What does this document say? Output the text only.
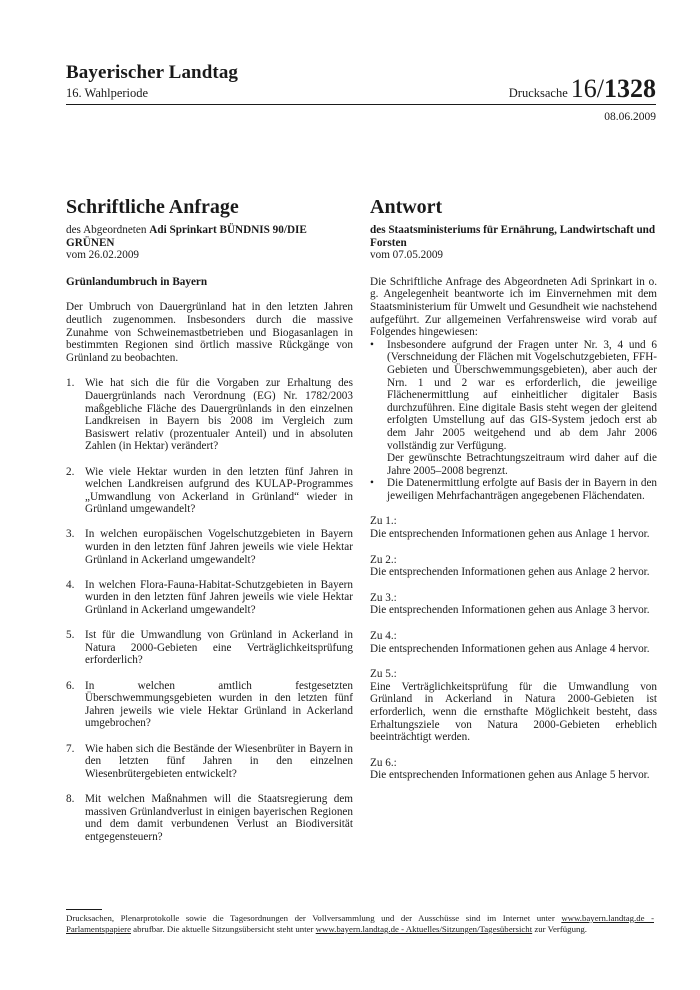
Bayerischer Landtag
16. Wahlperiode	Drucksache 16/1328
08.06.2009
Schriftliche Anfrage

des Abgeordneten Adi Sprinkart BÜNDNIS 90/DIE GRÜNEN

vom 26.02.2009

Grünlandumbruch in Bayern

Der Umbruch von Dauergrünland hat in den letzten Jahren deutlich zugenommen. Insbesonders durch die massive Zunahme von Schweinemastbetrieben und Biogasanlagen in bestimmten Regionen sind örtlich massive Rückgänge von Grünland zu beobachten.

1. Wie hat sich die für die Vorgaben zur Erhaltung des Dauergrünlands nach Verordnung (EG) Nr. 1782/2003 maßgebliche Fläche des Dauergrünlands in den einzelnen Landkreisen in Bayern bis 2008 im Vergleich zum Basiswert relativ (prozentualer Anteil) und in absoluten Zahlen (in Hektar) verändert?
2. Wie viele Hektar wurden in den letzten fünf Jahren in welchen Landkreisen aufgrund des KULAP-Programmes „Umwandlung von Ackerland in Grünland“ wieder in Grünland umgewandelt?
3. In welchen europäischen Vogelschutzgebieten in Bayern wurden in den letzten fünf Jahren jeweils wie viele Hektar Grünland in Ackerland umgewandelt?
4. In welchen Flora-Fauna-Habitat-Schutzgebieten in Bayern wurden in den letzten fünf Jahren jeweils wie viele Hektar Grünland in Ackerland umgewandelt?
5. Ist für die Umwandlung von Grünland in Ackerland in Natura 2000-Gebieten eine Verträglichkeitsprüfung erforderlich?
6. In welchen amtlich festgesetzten Überschwemmungsgebieten wurden in den letzten fünf Jahren jeweils wie viele Hektar Grünland in Ackerland umgebrochen?
7. Wie haben sich die Bestände der Wiesenbrüter in Bayern in den letzten fünf Jahren in den einzelnen Wiesenbrütergebieten entwickelt?
8. Mit welchen Maßnahmen will die Staatsregierung dem massiven Grünlandverlust in einigen bayerischen Regionen und dem damit verbundenen Verlust an Biodiversität entgegensteuern?
Antwort

des Staatsministeriums für Ernährung, Landwirtschaft und Forsten

vom 07.05.2009

Die Schriftliche Anfrage des Abgeordneten Adi Sprinkart in o. g. Angelegenheit beantworte ich im Einvernehmen mit dem Staatsministerium für Umwelt und Gesundheit wie nachstehend aufgeführt. Zur allgemeinen Verfahrensweise wird vorab auf Folgendes hingewiesen:

•	Insbesondere aufgrund der Fragen unter Nr. 3, 4 und 6 (Verschneidung der Flächen mit Vogelschutzgebieten, FFH-Gebieten und Überschwemmungsgebieten), aber auch der Nrn. 1 und 2 war es erforderlich, die jeweilige Flächenermittlung auf einheitlicher digitaler Basis durchzuführen. Eine digitale Basis steht wegen der gleitend erfolgten Umstellung auf das GIS-System jedoch erst ab dem Jahr 2005 weitgehend und ab dem Jahr 2006 vollständig zur Verfügung.
Der gewünschte Betrachtungszeitraum wird daher auf die Jahre 2005–2008 begrenzt.
•	Die Datenermittlung erfolgte auf Basis der in Bayern in den jeweiligen Mehrfachanträgen angegebenen Flächendaten.
Zu 1.:

Die entsprechenden Informationen gehen aus Anlage 1 hervor.

Zu 2.:

Die entsprechenden Informationen gehen aus Anlage 2 hervor.

Zu 3.:

Die entsprechenden Informationen gehen aus Anlage 3 hervor.

Zu 4.:

Die entsprechenden Informationen gehen aus Anlage 4 hervor.

Zu 5.:

Eine Verträglichkeitsprüfung für die Umwandlung von Grünland in Ackerland in Natura 2000-Gebieten ist erforderlich, wenn die ernsthafte Möglichkeit besteht, dass Erhaltungsziele von Natura 2000-Gebieten erheblich beeinträchtigt werden.

Zu 6.:

Die entsprechenden Informationen gehen aus Anlage 5 hervor.

Drucksachen, Plenarprotokolle sowie die Tagesordnungen der Vollversammlung und der Ausschüsse sind im Internet unter www.bayern.landtag.de - Parlamentspapiere abrufbar. Die aktuelle Sitzungsübersicht steht unter www.bayern.landtag.de - Aktuelles/Sitzungen/Tagesübersicht zur Verfügung.
